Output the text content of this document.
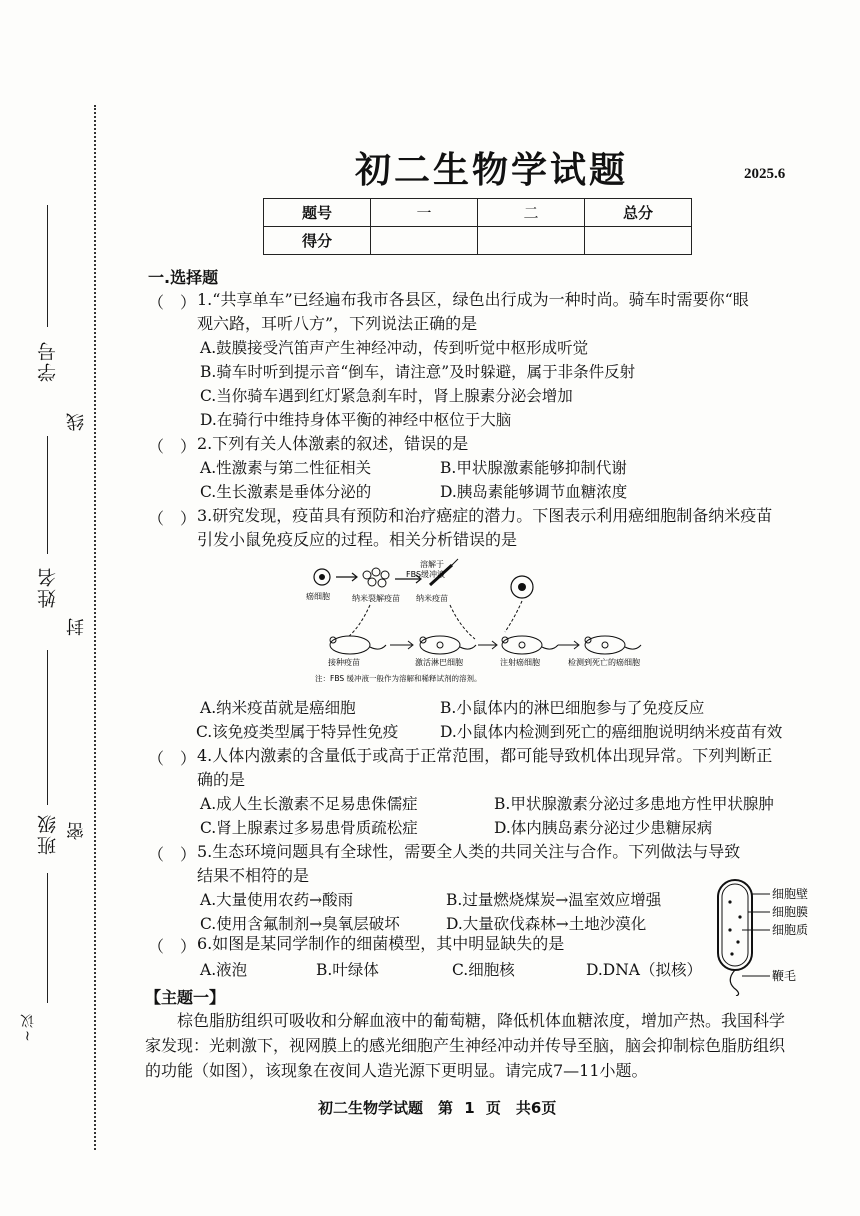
学号
线
姓名
封
班级 密
~议
初二生物学试题	2025.6
题号	一	二	总分
得分			
一.选择题
（　） 1.“共享单车”已经遍布我市各县区，绿色出行成为一种时尚。骑车时需要你“眼
观六路，耳听八方”，下列说法正确的是
A.鼓膜接受汽笛声产生神经冲动，传到听觉中枢形成听觉
B.骑车时听到提示音“倒车，请注意”及时躲避，属于非条件反射
C.当你骑车遇到红灯紧急刹车时，肾上腺素分泌会增加
D.在骑行中维持身体平衡的神经中枢位于大脑
（　） 2.下列有关人体激素的叙述，错误的是
A.性激素与第二性征相关	B.甲状腺激素能够抑制代谢
C.生长激素是垂体分泌的	D.胰岛素能够调节血糖浓度
（　） 3.研究发现，疫苗具有预防和治疗癌症的潜力。下图表示利用癌细胞制备纳米疫苗
引发小鼠免疫反应的过程。相关分析错误的是
溶解于
FBS缓冲液
癌细胞	纳米裂解疫苗 纳米疫苗
接种疫苗	激活淋巴细胞	注射癌细胞	检测到死亡的癌细胞
注：FBS 缓冲液一般作为溶解和稀释试剂的溶剂。
A.纳米疫苗就是癌细胞	B.小鼠体内的淋巴细胞参与了免疫反应
C.该免疫类型属于特异性免疫	D.小鼠体内检测到死亡的癌细胞说明纳米疫苗有效
（　） 4.人体内激素的含量低于或高于正常范围，都可能导致机体出现异常。下列判断正
确的是
A.成人生长激素不足易患侏儒症	B.甲状腺激素分泌过多患地方性甲状腺肿
C.肾上腺素过多易患骨质疏松症	D.体内胰岛素分泌过少患糖尿病
（　） 5.生态环境问题具有全球性，需要全人类的共同关注与合作。下列做法与导致
结果不相符的是
A.大量使用农药→酸雨	B.过量燃烧煤炭→温室效应增强
C.使用含氟制剂→臭氧层破坏	D.大量砍伐森林→土地沙漠化
（　） 6.如图是某同学制作的细菌模型，其中明显缺失的是
A.液泡	B.叶绿体	C.细胞核	D.DNA（拟核）
细胞壁
细胞膜
细胞质
鞭毛
【主题一】
棕色脂肪组织可吸收和分解血液中的葡萄糖，降低机体血糖浓度，增加产热。我国科学家发现：光刺激下，视网膜上的感光细胞产生神经冲动并传导至脑，脑会抑制棕色脂肪组织的功能（如图），该现象在夜间人造光源下更明显。请完成7—11小题。
初二生物学试题　第 1 页　共6页
